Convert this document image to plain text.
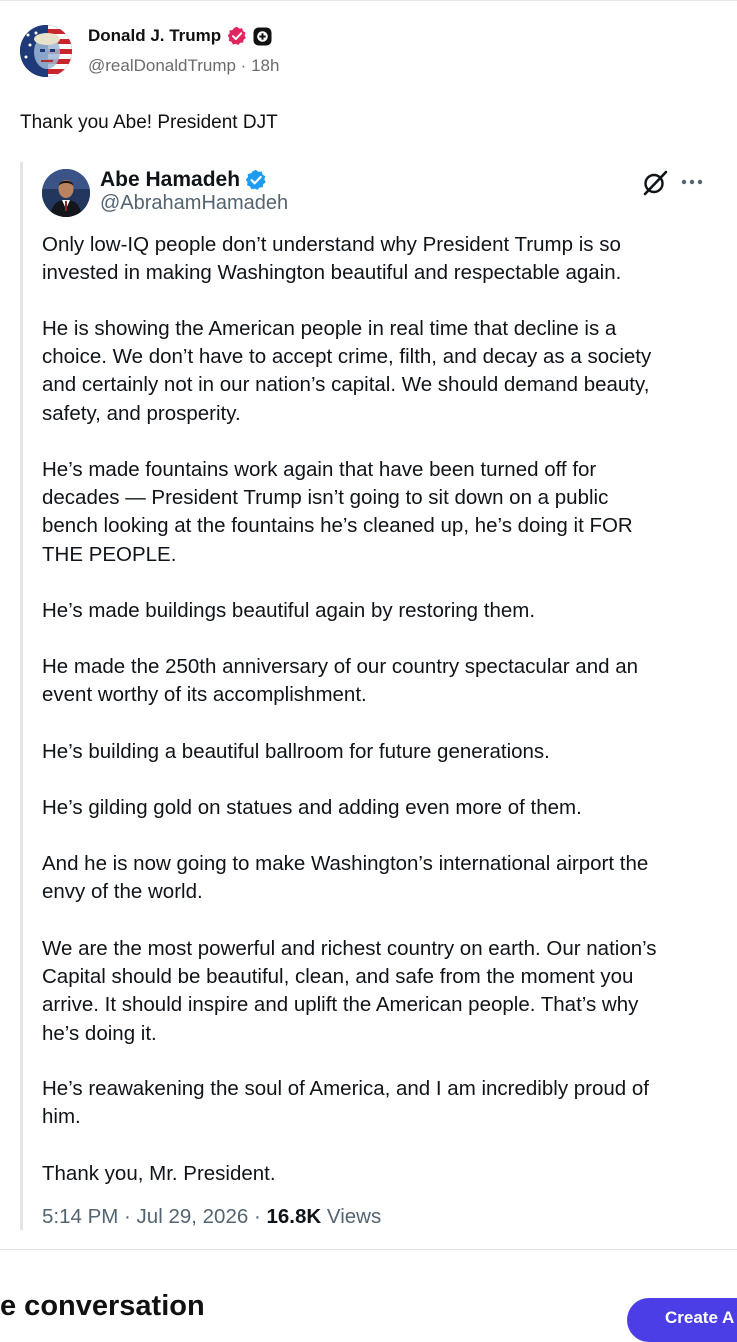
Donald J. Trump
@realDonaldTrump · 18h
Thank you Abe! President DJT
Abe Hamadeh
@AbrahamHamadeh

Only low-IQ people don’t understand why President Trump is so
invested in making Washington beautiful and respectable again.

He is showing the American people in real time that decline is a
choice. We don’t have to accept crime, filth, and decay as a society
and certainly not in our nation’s capital. We should demand beauty,
safety, and prosperity.

He’s made fountains work again that have been turned off for
decades — President Trump isn’t going to sit down on a public
bench looking at the fountains he’s cleaned up, he’s doing it FOR
THE PEOPLE.

He’s made buildings beautiful again by restoring them.

He made the 250th anniversary of our country spectacular and an
event worthy of its accomplishment.

He’s building a beautiful ballroom for future generations.

He’s gilding gold on statues and adding even more of them.

And he is now going to make Washington’s international airport the
envy of the world.

We are the most powerful and richest country on earth. Our nation’s
Capital should be beautiful, clean, and safe from the moment you
arrive. It should inspire and uplift the American people. That’s why
he’s doing it.

He’s reawakening the soul of America, and I am incredibly proud of
him.

Thank you, Mr. President.

5:14 PM · Jul 29, 2026 · 16.8K Views
e conversation	Create A
